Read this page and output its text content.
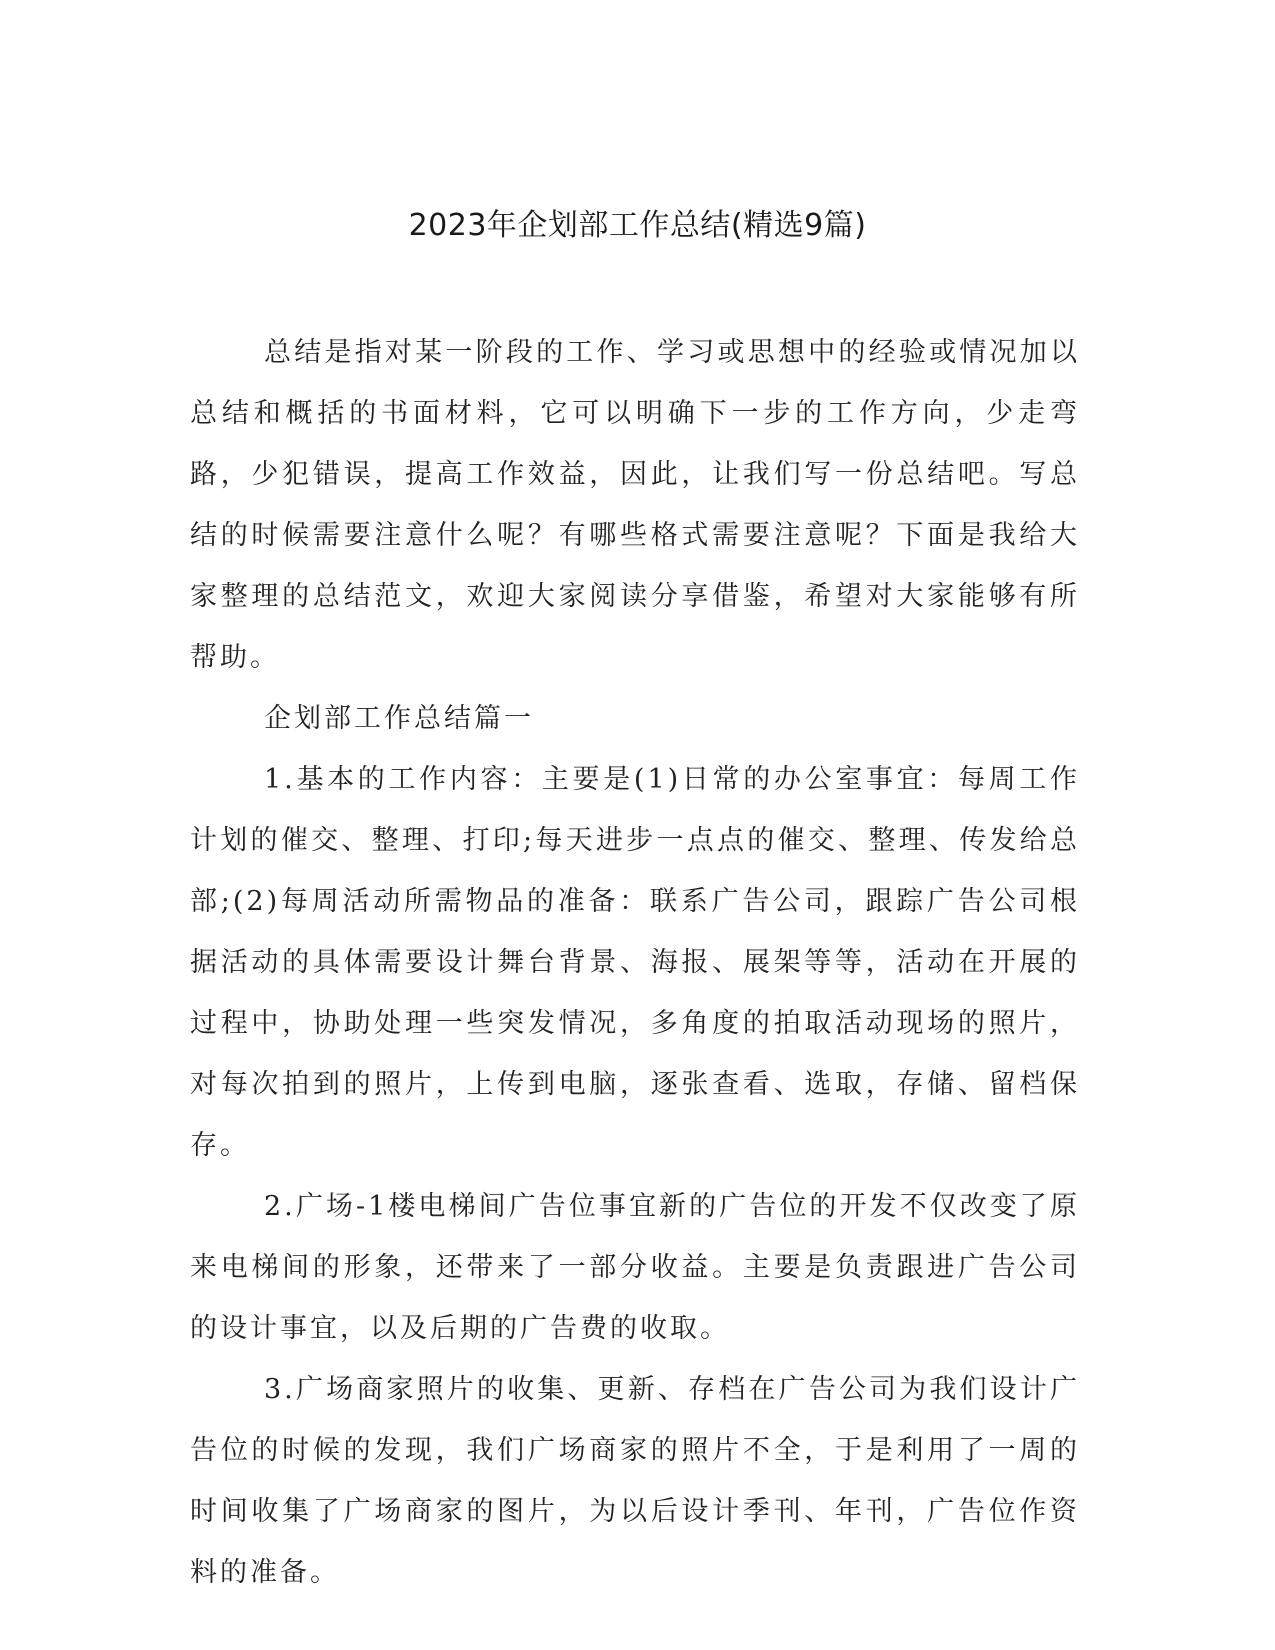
2023年企划部工作总结(精选9篇)

总结是指对某一阶段的工作、学习或思想中的经验或情况加以总结和概括的书面材料，它可以明确下一步的工作方向，少走弯路，少犯错误，提高工作效益，因此，让我们写一份总结吧。写总结的时候需要注意什么呢？有哪些格式需要注意呢？下面是我给大家整理的总结范文，欢迎大家阅读分享借鉴，希望对大家能够有所帮助。

企划部工作总结篇一

1.基本的工作内容：主要是(1)日常的办公室事宜：每周工作计划的催交、整理、打印;每天进步一点点的催交、整理、传发给总部;(2)每周活动所需物品的准备：联系广告公司，跟踪广告公司根据活动的具体需要设计舞台背景、海报、展架等等，活动在开展的过程中，协助处理一些突发情况，多角度的拍取活动现场的照片，对每次拍到的照片，上传到电脑，逐张查看、选取，存储、留档保存。

2.广场-1楼电梯间广告位事宜新的广告位的开发不仅改变了原来电梯间的形象，还带来了一部分收益。主要是负责跟进广告公司的设计事宜，以及后期的广告费的收取。

3.广场商家照片的收集、更新、存档在广告公司为我们设计广告位的时候的发现，我们广场商家的照片不全，于是利用了一周的时间收集了广场商家的图片，为以后设计季刊、年刊，广告位作资料的准备。
